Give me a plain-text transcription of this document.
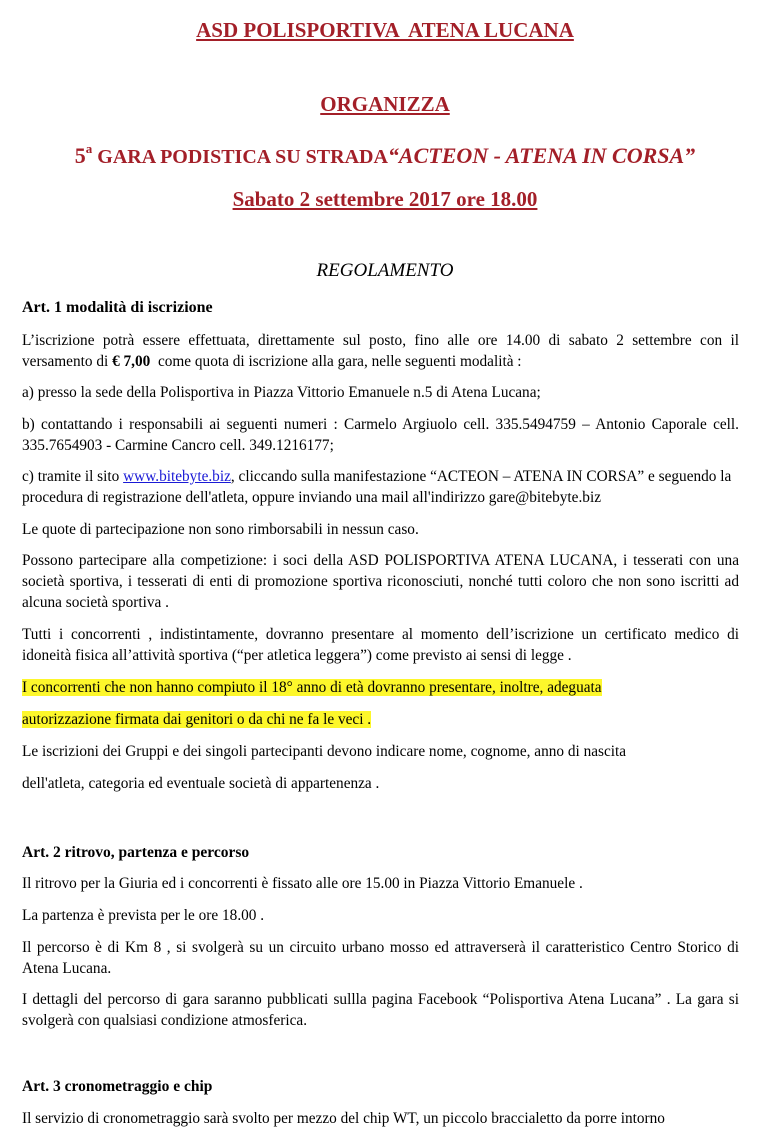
ASD POLISPORTIVA  ATENA LUCANA
ORGANIZZA
5$^a$ GARA PODISTICA SU STRADA“ACTEON - ATENA IN CORSA”
Sabato 2 settembre 2017 ore 18.00
REGOLAMENTO
Art. 1 modalità di iscrizione
L’iscrizione potrà essere effettuata, direttamente sul posto, fino alle ore 14.00 di sabato 2 settembre con il versamento di € 7,00  come quota di iscrizione alla gara, nelle seguenti modalità :
a) presso la sede della Polisportiva in Piazza Vittorio Emanuele n.5 di Atena Lucana;
b) contattando i responsabili ai seguenti numeri : Carmelo Argiuolo cell. 335.5494759 – Antonio Caporale cell. 335.7654903 - Carmine Cancro cell. 349.1216177;
c) tramite il sito www.bitebyte.biz, cliccando sulla manifestazione “ACTEON – ATENA IN CORSA” e seguendo la procedura di registrazione dell'atleta, oppure inviando una mail all'indirizzo gare@bitebyte.biz
Le quote di partecipazione non sono rimborsabili in nessun caso.
Possono partecipare alla competizione: i soci della ASD POLISPORTIVA ATENA LUCANA, i tesserati con una società sportiva, i tesserati di enti di promozione sportiva riconosciuti, nonché tutti coloro che non sono iscritti ad alcuna società sportiva .
Tutti i concorrenti , indistintamente, dovranno presentare al momento dell’iscrizione un certificato medico di idoneità fisica all’attività sportiva (“per atletica leggera”) come previsto ai sensi di legge .
I concorrenti che non hanno compiuto il 18° anno di età dovranno presentare, inoltre, adeguata
autorizzazione firmata dai genitori o da chi ne fa le veci .
Le iscrizioni dei Gruppi e dei singoli partecipanti devono indicare nome, cognome, anno di nascita
dell'atleta, categoria ed eventuale società di appartenenza .
Art. 2 ritrovo, partenza e percorso
Il ritrovo per la Giuria ed i concorrenti è fissato alle ore 15.00 in Piazza Vittorio Emanuele .
La partenza è prevista per le ore 18.00 .
Il percorso è di Km 8 , si svolgerà su un circuito urbano mosso ed attraverserà il caratteristico Centro Storico di Atena Lucana.
I dettagli del percorso di gara saranno pubblicati sullla pagina Facebook “Polisportiva Atena Lucana” . La gara si svolgerà con qualsiasi condizione atmosferica.
Art. 3 cronometraggio e chip
Il servizio di cronometraggio sarà svolto per mezzo del chip WT, un piccolo braccialetto da porre intorno
